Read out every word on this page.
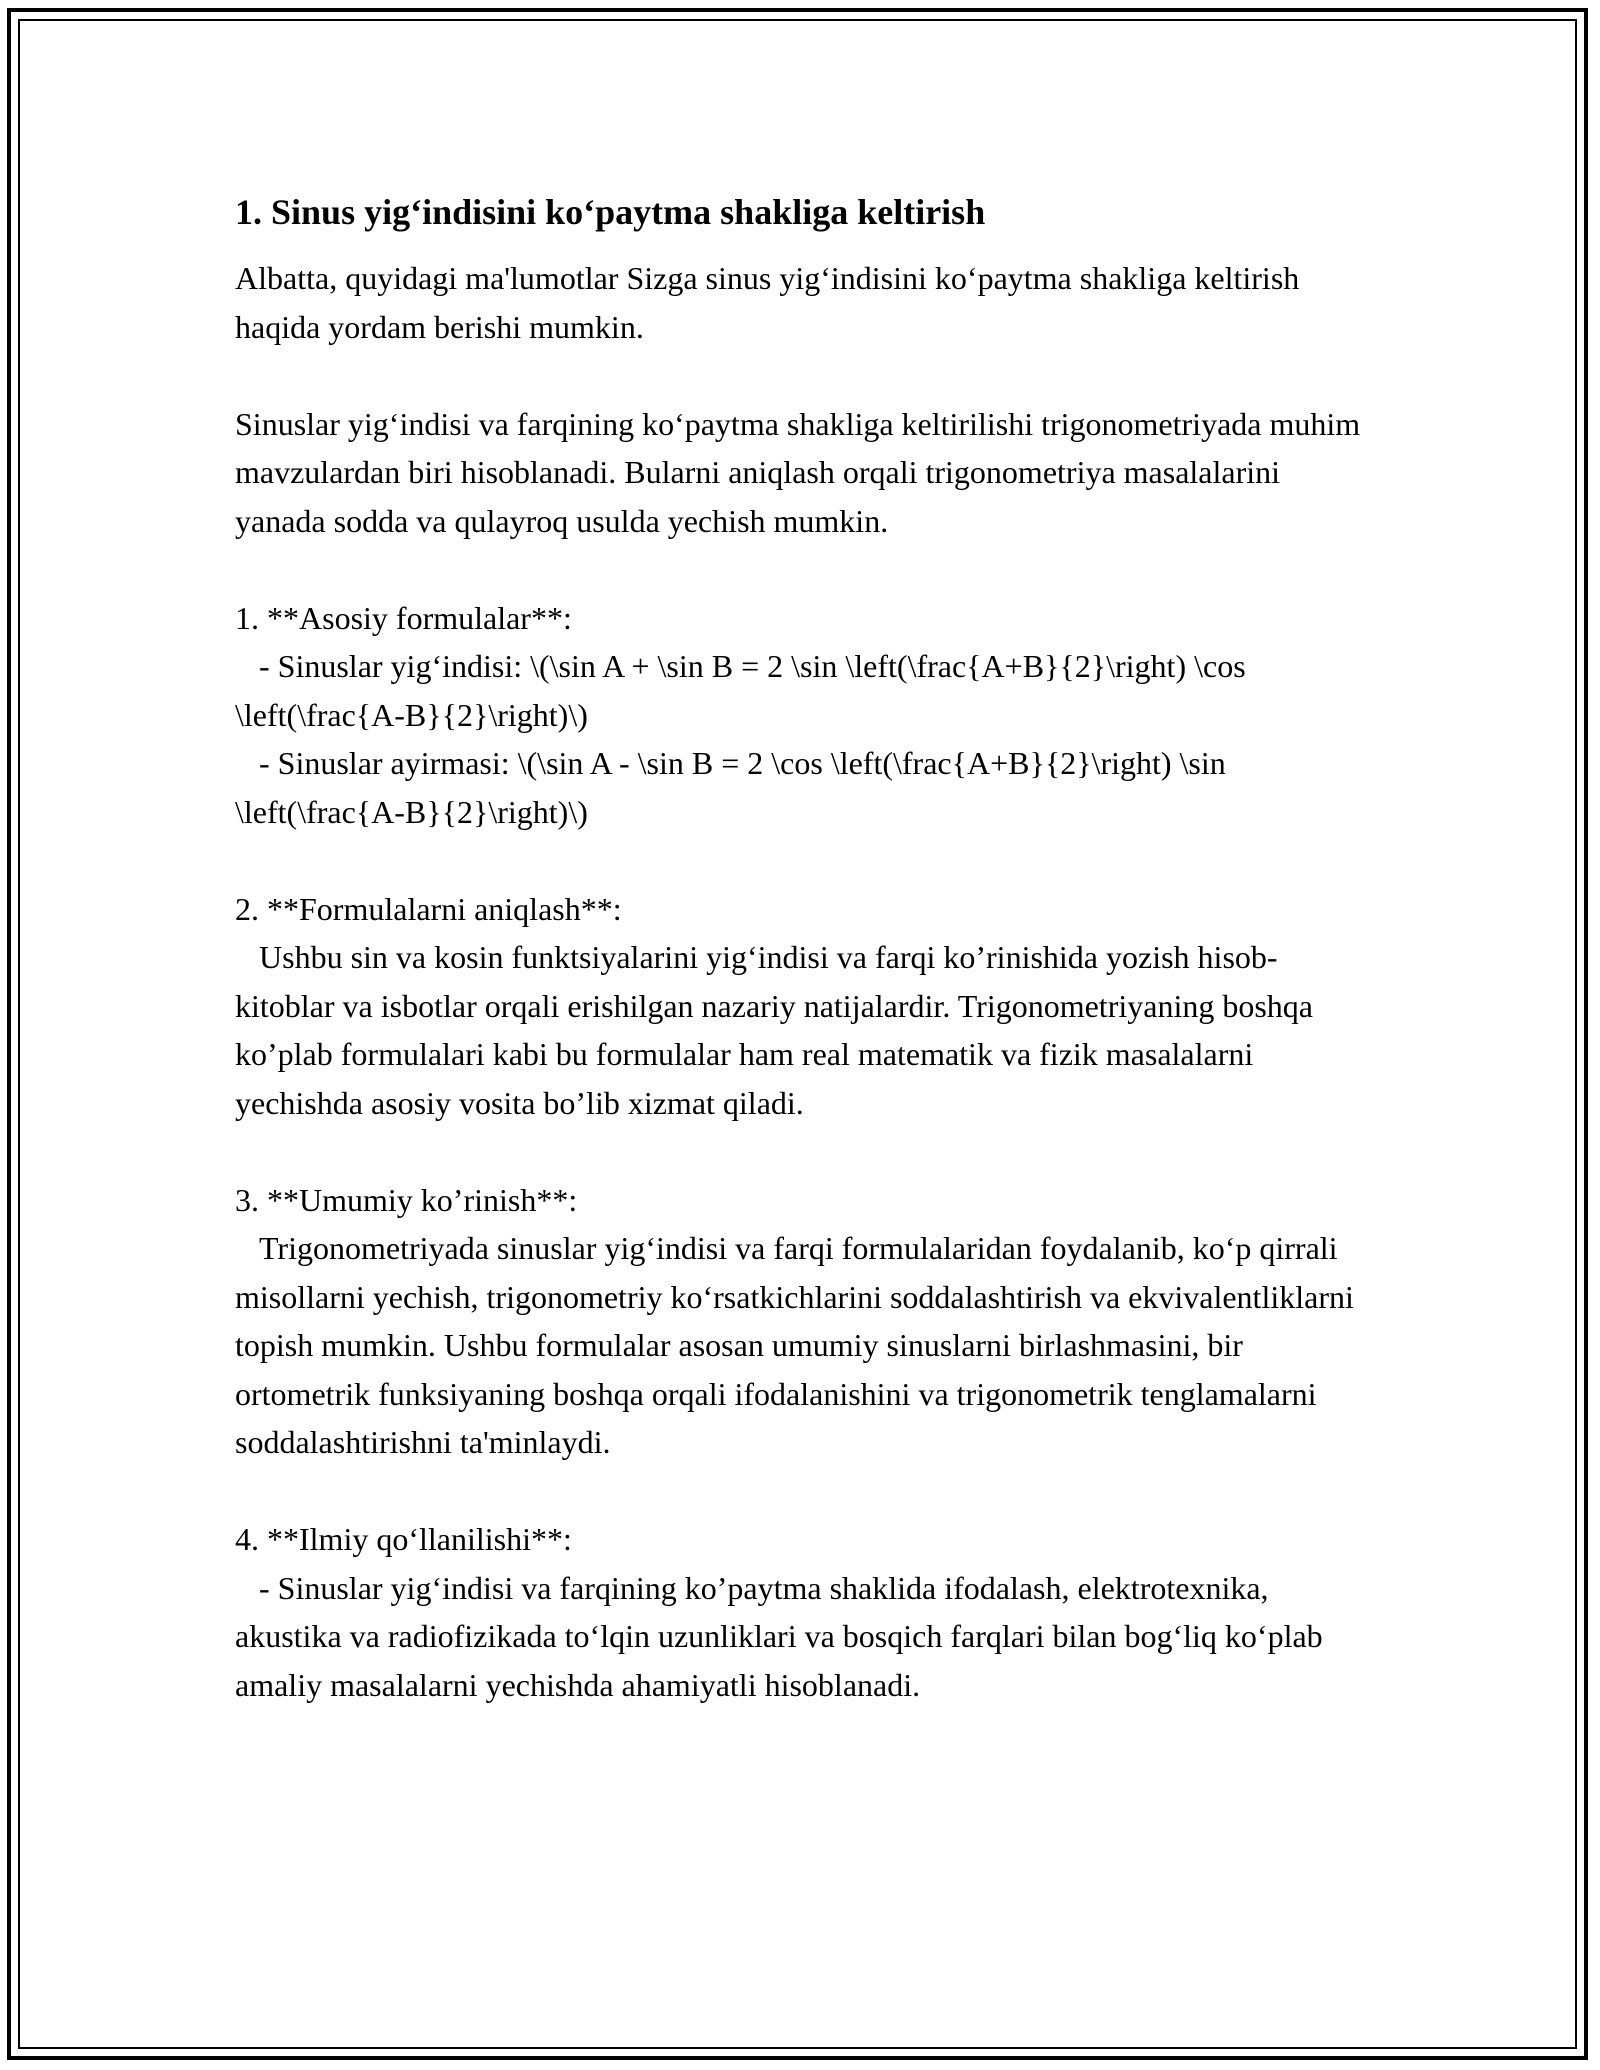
1. Sinus yig‘indisini ko‘paytma shakliga keltirish

Albatta, quyidagi ma'lumotlar Sizga sinus yig‘indisini ko‘paytma shakliga keltirish haqida yordam berishi mumkin.

Sinuslar yig‘indisi va farqining ko‘paytma shakliga keltirilishi trigonometriyada muhim mavzulardan biri hisoblanadi. Bularni aniqlash orqali trigonometriya masalalarini yanada sodda va qulayroq usulda yechish mumkin.

1. **Asosiy formulalar**:

- Sinuslar yig‘indisi: \(\sin A + \sin B = 2 \sin \left(\frac{A+B}{2}\right) \cos \left(\frac{A-B}{2}\right)\)

- Sinuslar ayirmasi: \(\sin A - \sin B = 2 \cos \left(\frac{A+B}{2}\right) \sin \left(\frac{A-B}{2}\right)\)

2. **Formulalarni aniqlash**:

Ushbu sin va kosin funktsiyalarini yig‘indisi va farqi ko’rinishida yozish hisob-kitoblar va isbotlar orqali erishilgan nazariy natijalardir. Trigonometriyaning boshqa ko’plab formulalari kabi bu formulalar ham real matematik va fizik masalalarni yechishda asosiy vosita bo’lib xizmat qiladi.

3. **Umumiy ko’rinish**:

Trigonometriyada sinuslar yig‘indisi va farqi formulalaridan foydalanib, ko‘p qirrali misollarni yechish, trigonometriy ko‘rsatkichlarini soddalashtirish va ekvivalentliklarni topish mumkin. Ushbu formulalar asosan umumiy sinuslarni birlashmasini, bir ortometrik funksiyaning boshqa orqali ifodalanishini va trigonometrik tenglamalarni soddalashtirishni ta'minlaydi.

4. **Ilmiy qo‘llanilishi**:

- Sinuslar yig‘indisi va farqining ko’paytma shaklida ifodalash, elektrotexnika, akustika va radiofizikada to‘lqin uzunliklari va bosqich farqlari bilan bog‘liq ko‘plab amaliy masalalarni yechishda ahamiyatli hisoblanadi.
